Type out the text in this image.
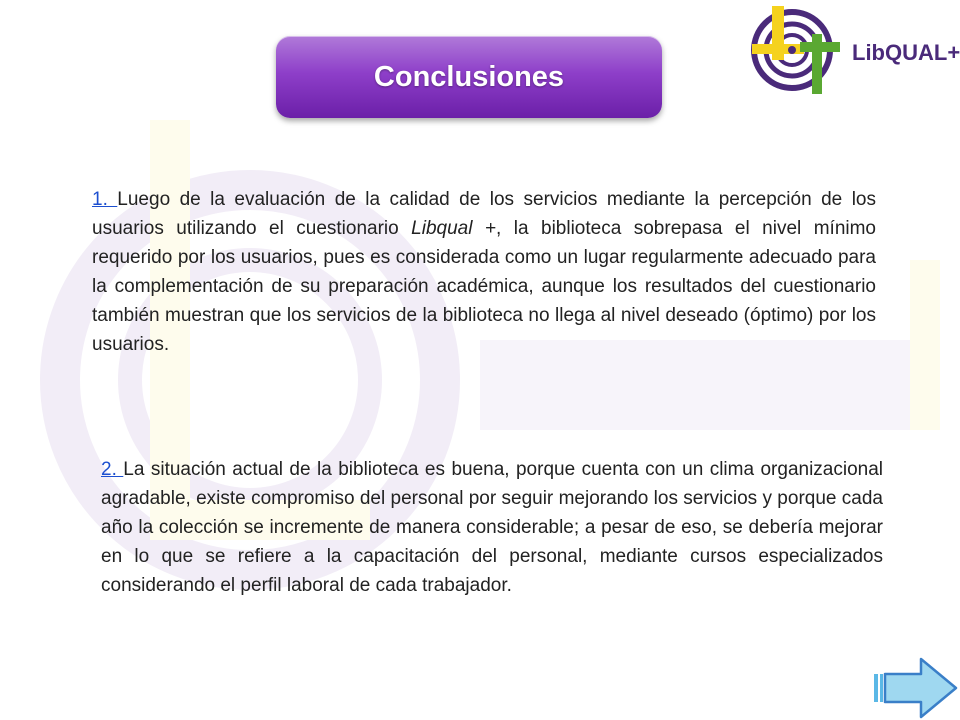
Conclusiones
LibQUAL+
1. Luego de la evaluación de la calidad de los servicios mediante la percepción de los usuarios utilizando el cuestionario Libqual +, la biblioteca sobrepasa el nivel mínimo requerido por los usuarios, pues es considerada como un lugar regularmente adecuado para la complementación de su preparación académica, aunque los resultados del cuestionario también muestran que los servicios de la biblioteca no llega al nivel deseado (óptimo) por los usuarios.
2. La situación actual de la biblioteca es buena, porque cuenta con un clima organizacional agradable, existe compromiso del personal por seguir mejorando los servicios y porque cada año la colección se incremente de manera considerable; a pesar de eso, se debería mejorar en lo que se refiere a la capacitación del personal, mediante cursos especializados considerando el perfil laboral de cada trabajador.
